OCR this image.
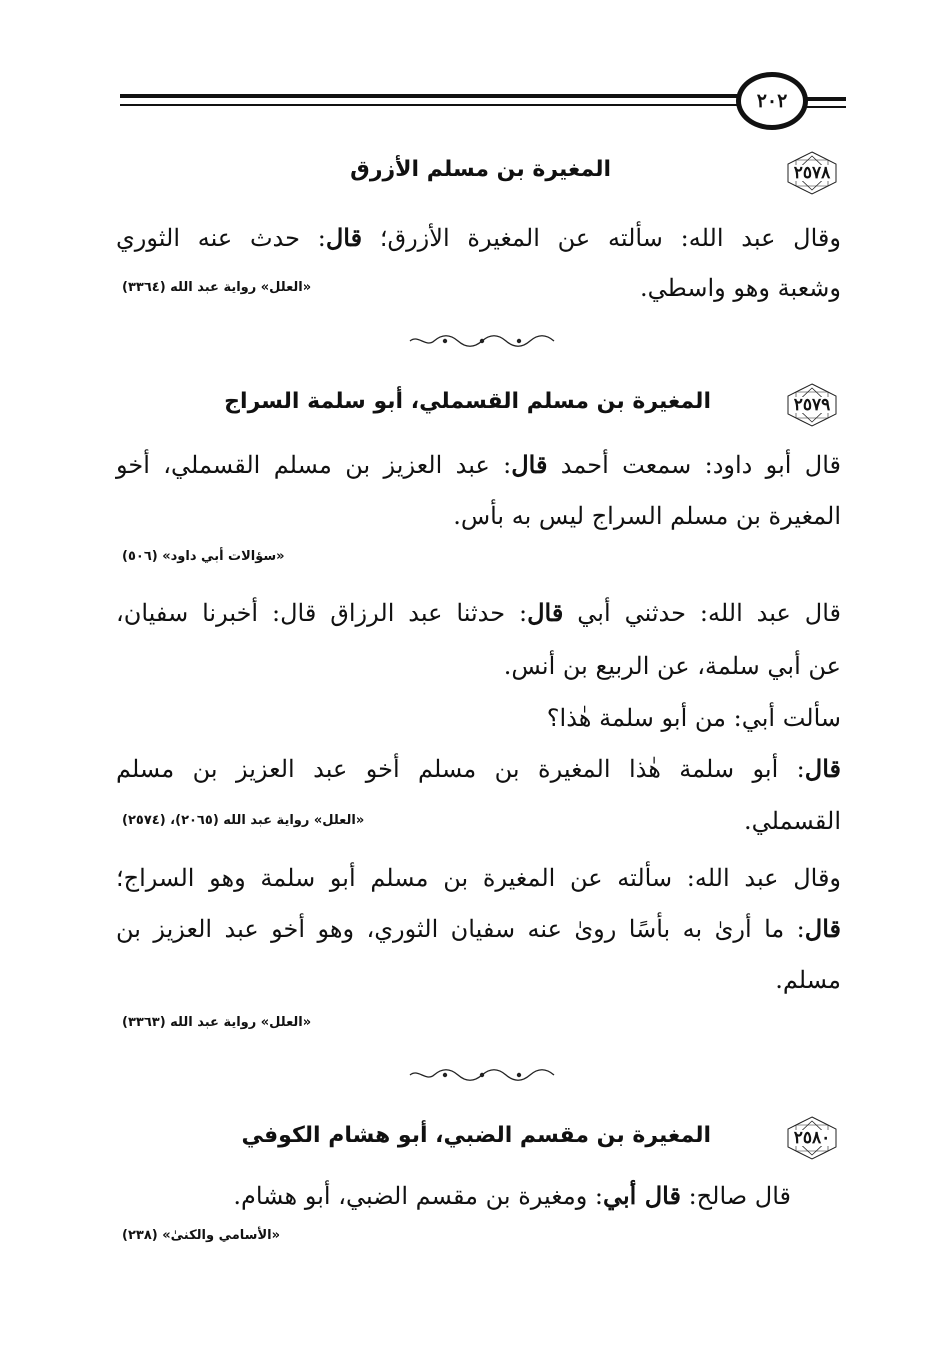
٢٠٢
٢٥٧٨
المغيرة بن مسلم الأزرق
وقال عبد الله: سألته عن المغيرة الأزرق؛ قال: حدث عنه الثوري
وشعبة وهو واسطي.
«العلل» رواية عبد الله (٣٣٦٤)
٢٥٧٩
المغيرة بن مسلم القسملي، أبو سلمة السراج
قال أبو داود: سمعت أحمد قال: عبد العزيز بن مسلم القسملي، أخو
المغيرة بن مسلم السراج ليس به بأس.
«سؤالات أبي داود» (٥٠٦)
قال عبد الله: حدثني أبي قال: حدثنا عبد الرزاق قال: أخبرنا سفيان،
عن أبي سلمة، عن الربيع بن أنس.
سألت أبي: من أبو سلمة هٰذا؟
قال: أبو سلمة هٰذا المغيرة بن مسلم أخو عبد العزيز بن مسلم
القسملي.
«العلل» رواية عبد الله (٢٠٦٥)، (٢٥٧٤)
وقال عبد الله: سألته عن المغيرة بن مسلم أبو سلمة وهو السراج؛
قال: ما أرىٰ به بأسًا روىٰ عنه سفيان الثوري، وهو أخو عبد العزيز بن
مسلم.
«العلل» رواية عبد الله (٣٣٦٣)
٢٥٨٠
المغيرة بن مقسم الضبي، أبو هشام الكوفي
قال صالح: قال أبي: ومغيرة بن مقسم الضبي، أبو هشام.
«الأسامي والكنىٰ» (٢٣٨)
